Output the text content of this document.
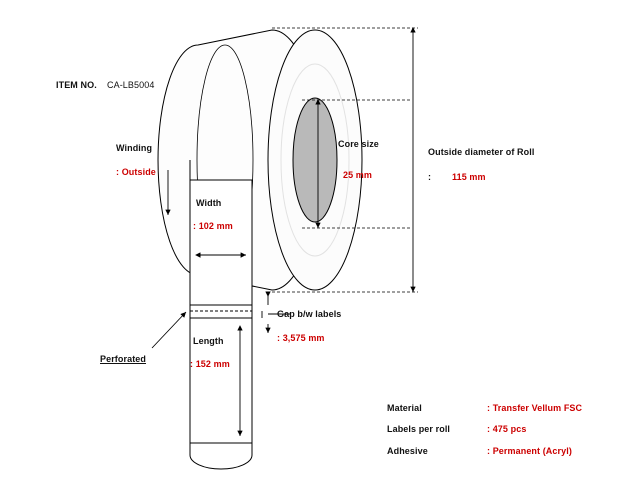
ITEM NO. CA-LB5004
Winding
: Outside
Width
: 102 mm
Length
: 152 mm
Core size
25 mm
Outside diameter of Roll
: 115 mm
Gap b/w labels
: 3,575 mm
Perforated
Material	: Transfer Vellum FSC
Labels per roll	: 475 pcs
Adhesive	: Permanent (Acryl)
